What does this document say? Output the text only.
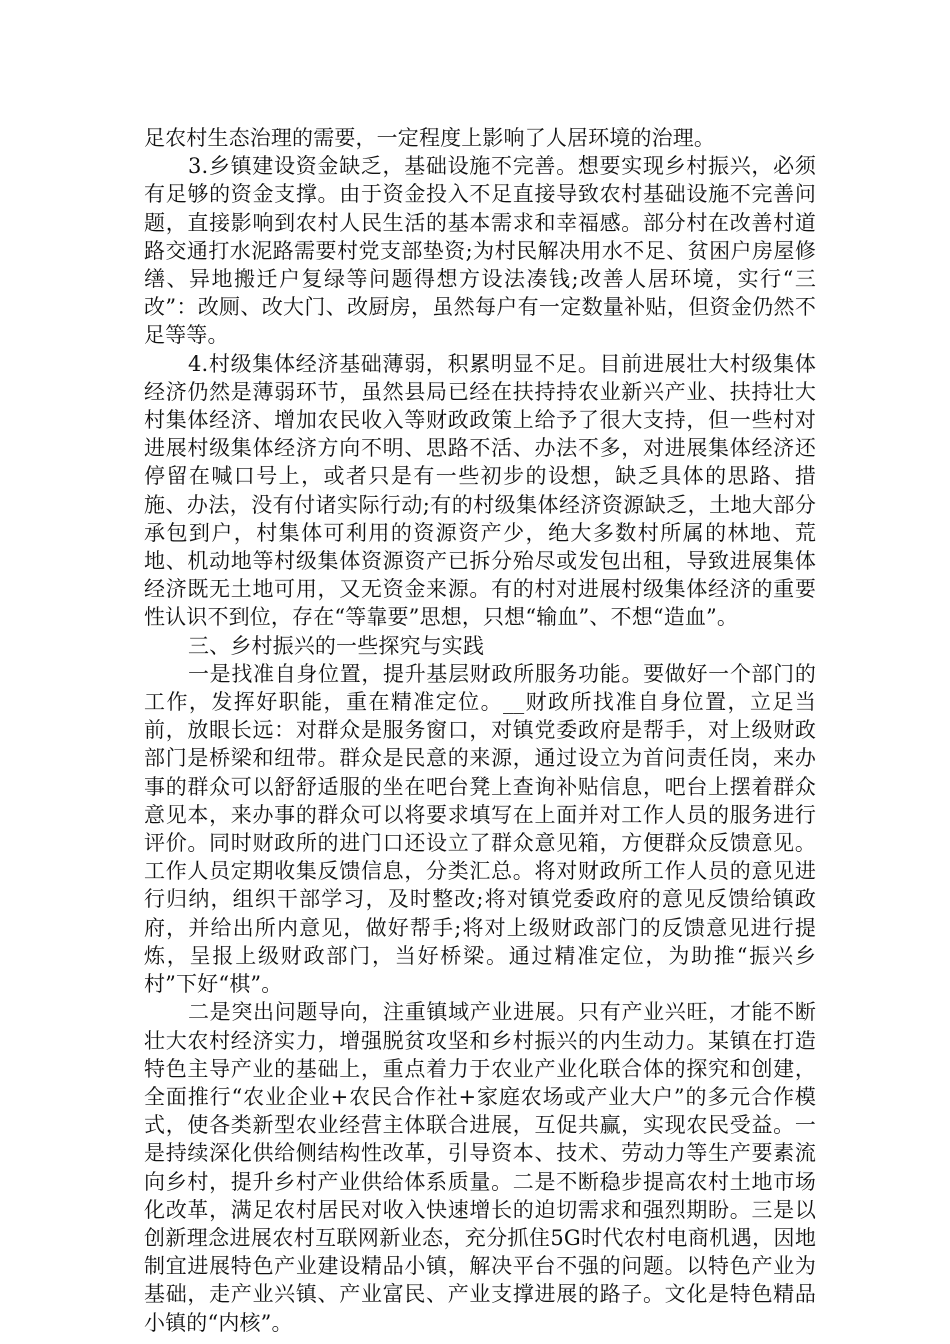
足农村生态治理的需要，一定程度上影响了人居环境的治理。

3.乡镇建设资金缺乏，基础设施不完善。想要实现乡村振兴，必须有足够的资金支撑。由于资金投入不足直接导致农村基础设施不完善问题，直接影响到农村人民生活的基本需求和幸福感。部分村在改善村道路交通打水泥路需要村党支部垫资;为村民解决用水不足、贫困户房屋修缮、异地搬迁户复绿等问题得想方设法凑钱;改善人居环境，实行“三改”：改厕、改大门、改厨房，虽然每户有一定数量补贴，但资金仍然不足等等。

4.村级集体经济基础薄弱，积累明显不足。目前进展壮大村级集体经济仍然是薄弱环节，虽然县局已经在扶持持农业新兴产业、扶持壮大村集体经济、增加农民收入等财政政策上给予了很大支持，但一些村对进展村级集体经济方向不明、思路不活、办法不多，对进展集体经济还停留在喊口号上，或者只是有一些初步的设想，缺乏具体的思路、措施、办法，没有付诸实际行动;有的村级集体经济资源缺乏，土地大部分承包到户，村集体可利用的资源资产少，绝大多数村所属的林地、荒地、机动地等村级集体资源资产已拆分殆尽或发包出租，导致进展集体经济既无土地可用，又无资金来源。有的村对进展村级集体经济的重要性认识不到位，存在“等靠要”思想，只想“输血”、不想“造血”。

三、乡村振兴的一些探究与实践

一是找准自身位置，提升基层财政所服务功能。要做好一个部门的工作，发挥好职能，重在精准定位。__财政所找准自身位置，立足当前，放眼长远：对群众是服务窗口，对镇党委政府是帮手，对上级财政部门是桥梁和纽带。群众是民意的来源，通过设立为首问责任岗，来办事的群众可以舒舒适服的坐在吧台凳上查询补贴信息，吧台上摆着群众意见本，来办事的群众可以将要求填写在上面并对工作人员的服务进行评价。同时财政所的进门口还设立了群众意见箱，方便群众反馈意见。工作人员定期收集反馈信息，分类汇总。将对财政所工作人员的意见进行归纳，组织干部学习，及时整改;将对镇党委政府的意见反馈给镇政府，并给出所内意见，做好帮手;将对上级财政部门的反馈意见进行提炼，呈报上级财政部门，当好桥梁。通过精准定位，为助推“振兴乡村”下好“棋”。

二是突出问题导向，注重镇域产业进展。只有产业兴旺，才能不断壮大农村经济实力，增强脱贫攻坚和乡村振兴的内生动力。某镇在打造特色主导产业的基础上，重点着力于农业产业化联合体的探究和创建，全面推行“农业企业+农民合作社+家庭农场或产业大户”的多元合作模式，使各类新型农业经营主体联合进展，互促共赢，实现农民受益。一是持续深化供给侧结构性改革，引导资本、技术、劳动力等生产要素流向乡村，提升乡村产业供给体系质量。二是不断稳步提高农村土地市场化改革，满足农村居民对收入快速增长的迫切需求和强烈期盼。三是以创新理念进展农村互联网新业态，充分抓住5G时代农村电商机遇，因地制宜进展特色产业建设精品小镇，解决平台不强的问题。以特色产业为基础，走产业兴镇、产业富民、产业支撑进展的路子。文化是特色精品小镇的“内核”。
